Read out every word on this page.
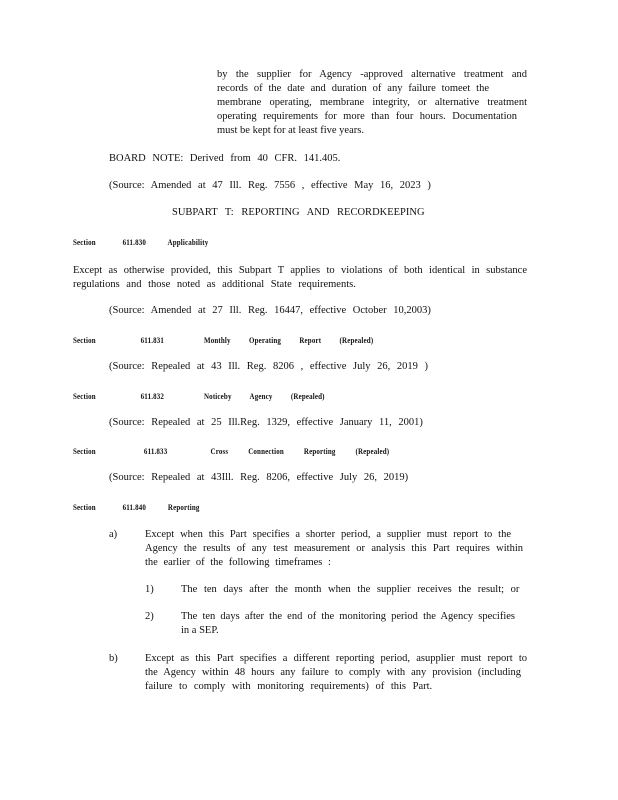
by the supplier for Agency -approved alternative treatment and
records of the date and duration of any failure tomeet the
membrane operating, membrane integrity, or alternative treatment
operating requirements for more than four hours. Documentation
must be kept for at least five years.
BOARD NOTE: Derived from 40 CFR. 141.405.
(Source: Amended at 47 Ill. Reg. 7556 , effective May 16, 2023 )
SUBPART T: REPORTING AND RECORDKEEPING
Section	611.830	Applicability
Except as otherwise provided, this Subpart T applies to violations of both identical in substance
regulations and those noted as additional State requirements.
(Source: Amended at 27 Ill. Reg. 16447, effective October 10,2003)
Section	611.831	Monthly Operating Report (Repealed)
(Source: Repealed at 43 Ill. Reg. 8206 , effective July 26, 2019 )
Section	611.832	Noticeby Agency (Repealed)
(Source: Repealed at 25 Ill.Reg. 1329, effective January 11, 2001)
Section	611.833	Cross Connection Reporting (Repealed)
(Source: Repealed at 43Ill. Reg. 8206, effective July 26, 2019)
Section	611.840	Reporting
a)	Except when this Part specifies a shorter period, a supplier must report to the
Agency the results of any test measurement or analysis this Part requires within
the earlier of the following timeframes :
1)	The ten days after the month when the supplier receives the result; or
2)	The ten days after the end of the monitoring period the Agency specifies
in a SEP.
b)	Except as this Part specifies a different reporting period, asupplier must report to
the Agency within 48 hours any failure to comply with any provision (including
failure to comply with monitoring requirements) of this Part.
